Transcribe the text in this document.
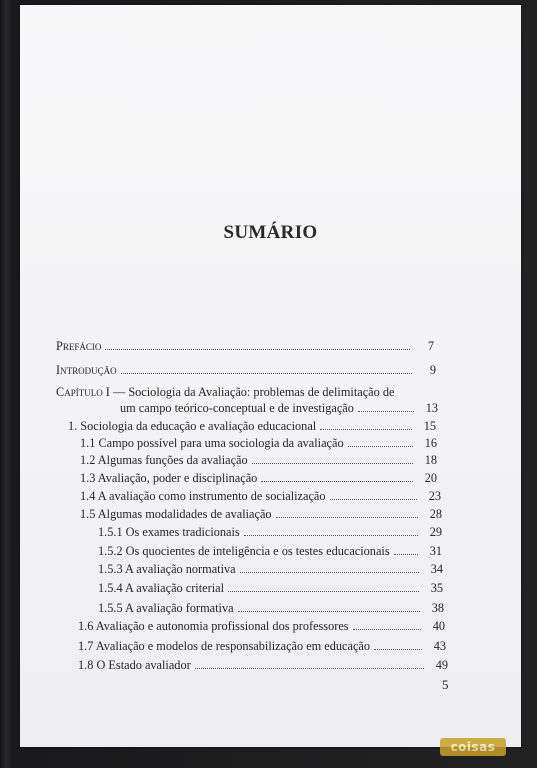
SUMÁRIO
Prefácio	7
Introdução	9
Capítulo I — Sociologia da Avaliação: problemas de delimitação de
um campo teórico-conceptual e de investigação	13
1. Sociologia da educação e avaliação educacional	15
1.1 Campo possível para uma sociologia da avaliação	16
1.2 Algumas funções da avaliação	18
1.3 Avaliação, poder e disciplinação	20
1.4 A avaliação como instrumento de socialização	23
1.5 Algumas modalidades de avaliação	28
1.5.1 Os exames tradicionais	29
1.5.2 Os quocientes de inteligência e os testes educacionais	31
1.5.3 A avaliação normativa	34
1.5.4 A avaliação criterial	35
1.5.5 A avaliação formativa	38
1.6 Avaliação e autonomia profissional dos professores	40
1.7 Avaliação e modelos de responsabilização em educação	43
1.8 O Estado avaliador	49
5
coisas
